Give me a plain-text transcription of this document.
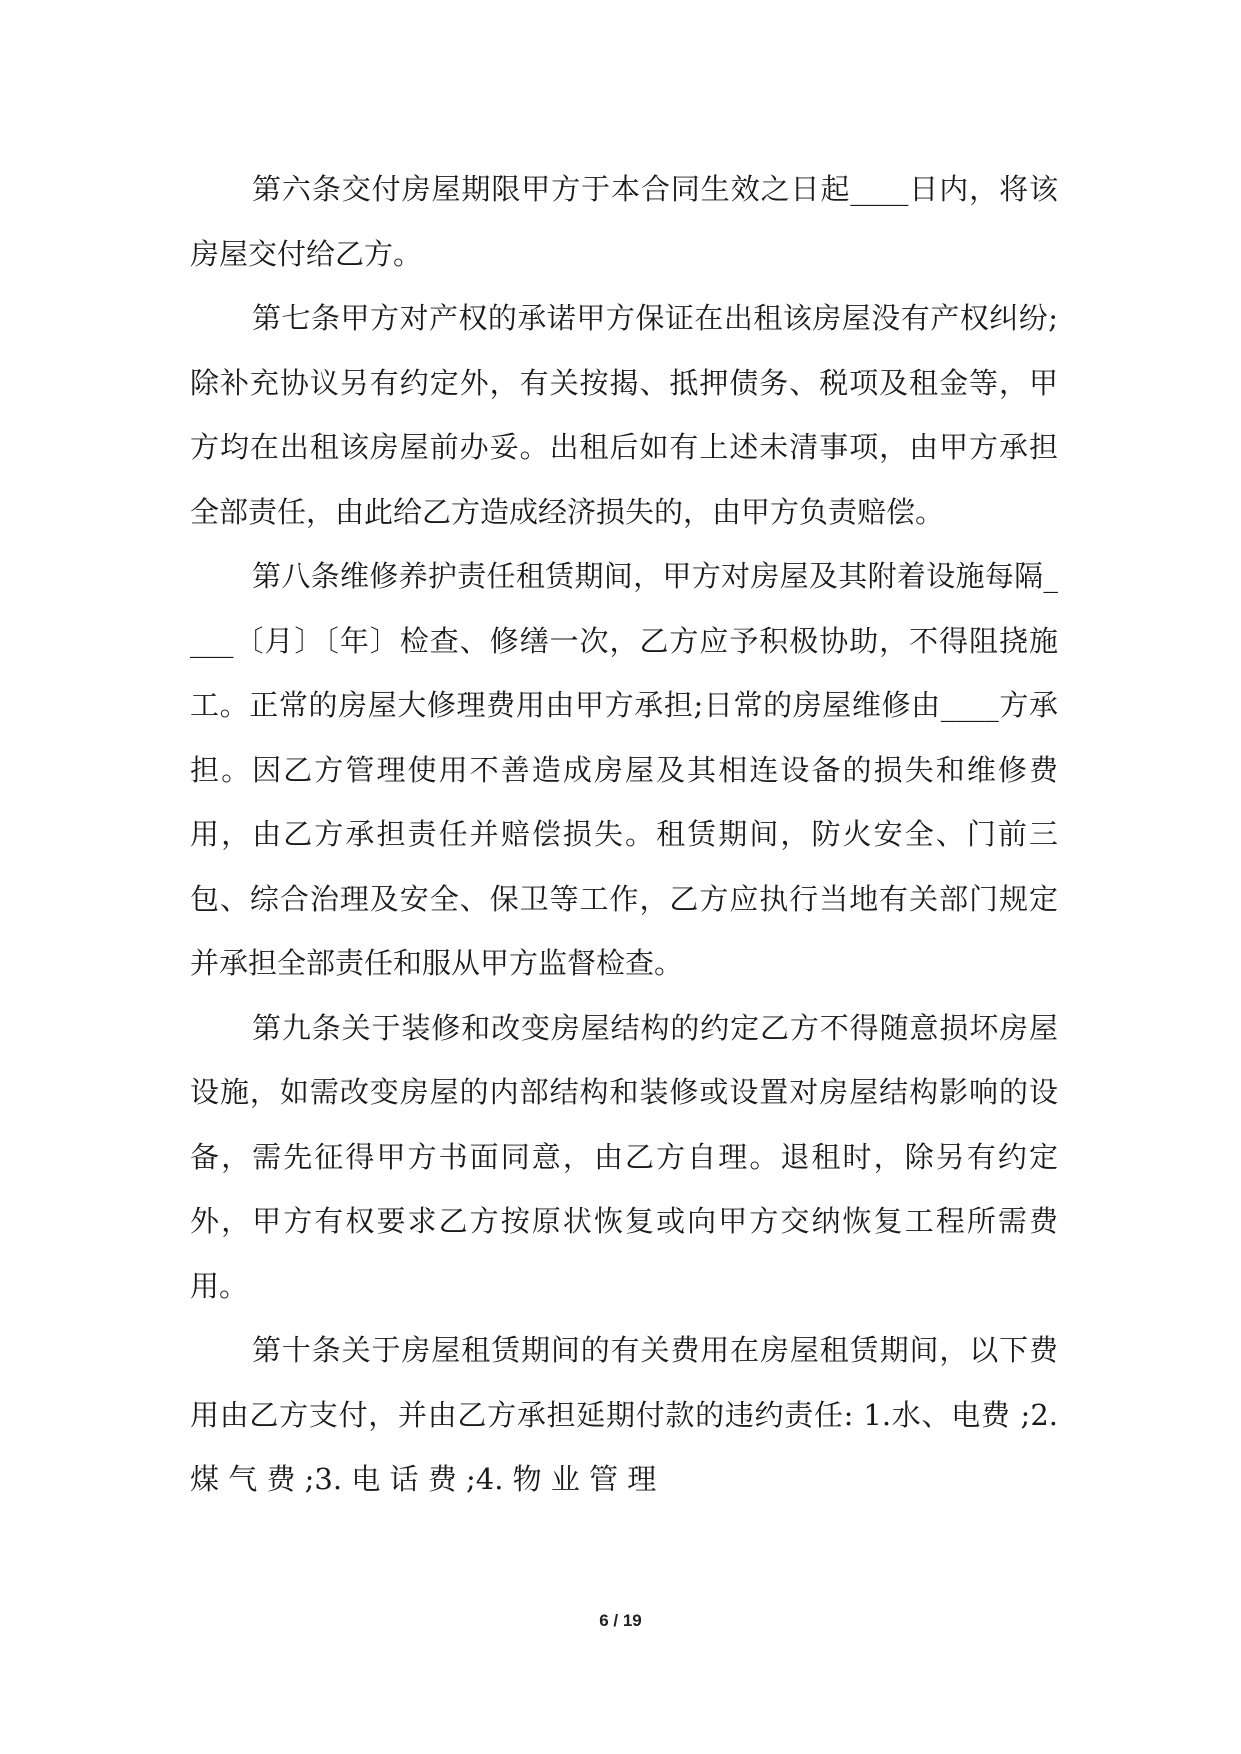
第六条交付房屋期限甲方于本合同生效之日起____日内，将该房屋交付给乙方。

第七条甲方对产权的承诺甲方保证在出租该房屋没有产权纠纷;除补充协议另有约定外，有关按揭、抵押债务、税项及租金等，甲方均在出租该房屋前办妥。出租后如有上述未清事项，由甲方承担全部责任，由此给乙方造成经济损失的，由甲方负责赔偿。

第八条维修养护责任租赁期间，甲方对房屋及其附着设施每隔____〔月〕〔年〕检查、修缮一次，乙方应予积极协助，不得阻挠施工。正常的房屋大修理费用由甲方承担;日常的房屋维修由____方承担。因乙方管理使用不善造成房屋及其相连设备的损失和维修费用，由乙方承担责任并赔偿损失。租赁期间，防火安全、门前三包、综合治理及安全、保卫等工作，乙方应执行当地有关部门规定并承担全部责任和服从甲方监督检查。

第九条关于装修和改变房屋结构的约定乙方不得随意损坏房屋设施，如需改变房屋的内部结构和装修或设置对房屋结构影响的设备，需先征得甲方书面同意，由乙方自理。退租时，除另有约定外，甲方有权要求乙方按原状恢复或向甲方交纳恢复工程所需费用。

第十条关于房屋租赁期间的有关费用在房屋租赁期间，以下费用由乙方支付，并由乙方承担延期付款的违约责任: 1.水、电费 ;2. 煤 气 费 ;3. 电 话 费 ;4. 物 业 管 理

6 / 19
